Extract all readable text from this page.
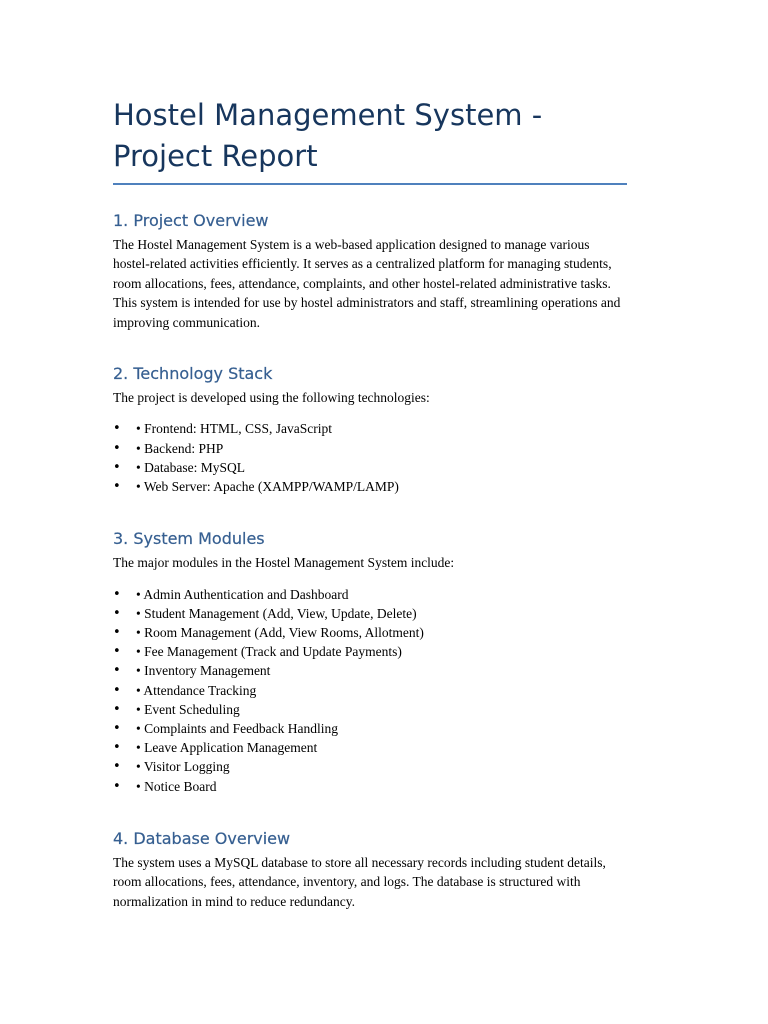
Hostel Management System - Project Report
1. Project Overview

The Hostel Management System is a web-based application designed to manage various hostel-related activities efficiently. It serves as a centralized platform for managing students, room allocations, fees, attendance, complaints, and other hostel-related administrative tasks. This system is intended for use by hostel administrators and staff, streamlining operations and improving communication.

2. Technology Stack

The project is developed using the following technologies:

• • Frontend: HTML, CSS, JavaScript
• • Backend: PHP
• • Database: MySQL
• • Web Server: Apache (XAMPP/WAMP/LAMP)
3. System Modules

The major modules in the Hostel Management System include:

• • Admin Authentication and Dashboard
• • Student Management (Add, View, Update, Delete)
• • Room Management (Add, View Rooms, Allotment)
• • Fee Management (Track and Update Payments)
• • Inventory Management
• • Attendance Tracking
• • Event Scheduling
• • Complaints and Feedback Handling
• • Leave Application Management
• • Visitor Logging
• • Notice Board
4. Database Overview

The system uses a MySQL database to store all necessary records including student details, room allocations, fees, attendance, inventory, and logs. The database is structured with normalization in mind to reduce redundancy.
